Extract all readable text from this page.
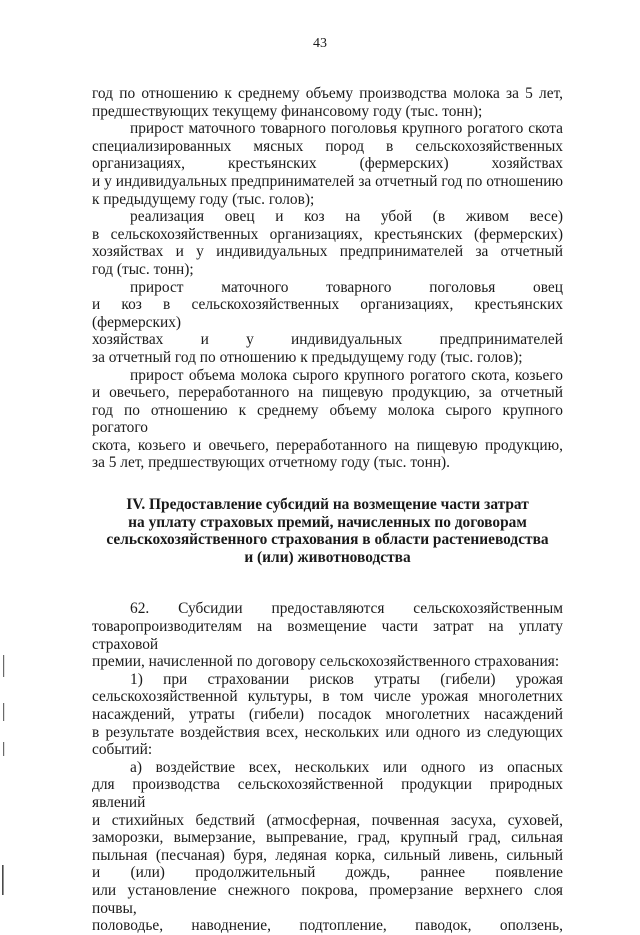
43

год по отношению к среднему объему производства молока за 5 лет,

предшествующих текущему финансовому году (тыс. тонн);

прирост маточного товарного поголовья крупного рогатого скота

специализированных мясных пород в сельскохозяйственных

организациях, крестьянских (фермерских) хозяйствах

и у индивидуальных предпринимателей за отчетный год по отношению

к предыдущему году (тыс. голов);

реализация овец и коз на убой (в живом весе)

в сельскохозяйственных организациях, крестьянских (фермерских)

хозяйствах и у индивидуальных предпринимателей за отчетный

год (тыс. тонн);

прирост маточного товарного поголовья овец

и коз в сельскохозяйственных организациях, крестьянских (фермерских)

хозяйствах и у индивидуальных предпринимателей

за отчетный год по отношению к предыдущему году (тыс. голов);

прирост объема молока сырого крупного рогатого скота, козьего

и овечьего, переработанного на пищевую продукцию, за отчетный

год по отношению к среднему объему молока сырого крупного рогатого

скота, козьего и овечьего, переработанного на пищевую продукцию,

за 5 лет, предшествующих отчетному году (тыс. тонн).

IV. Предоставление субсидий на возмещение части затрат
на уплату страховых премий, начисленных по договорам
сельскохозяйственного страхования в области растениеводства
и (или) животноводства

62. Субсидии предоставляются сельскохозяйственным

товаропроизводителям на возмещение части затрат на уплату страховой

премии, начисленной по договору сельскохозяйственного страхования:

1) при страховании рисков утраты (гибели) урожая

сельскохозяйственной культуры, в том числе урожая многолетних

насаждений, утраты (гибели) посадок многолетних насаждений

в результате воздействия всех, нескольких или одного из следующих

событий:

а) воздействие всех, нескольких или одного из опасных

для производства сельскохозяйственной продукции природных явлений

и стихийных бедствий (атмосферная, почвенная засуха, суховей,

заморозки, вымерзание, выпревание, град, крупный град, сильная

пыльная (песчаная) буря, ледяная корка, сильный ливень, сильный

и (или) продолжительный дождь, раннее появление

или установление снежного покрова, промерзание верхнего слоя почвы,

половодье, наводнение, подтопление, паводок, оползень,
